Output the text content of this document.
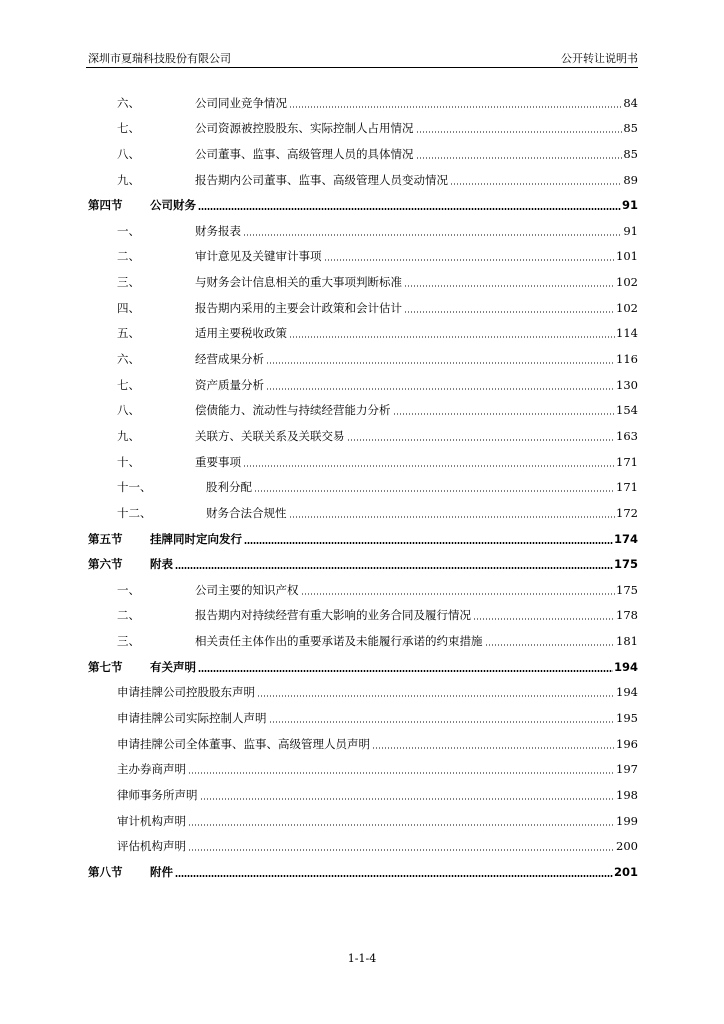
深圳市夏瑞科技股份有限公司	公开转让说明书
六、	公司同业竞争情况	84
七、	公司资源被控股股东、实际控制人占用情况	85
八、	公司董事、监事、高级管理人员的具体情况	85
九、	报告期内公司董事、监事、高级管理人员变动情况	89
第四节	公司财务	91
一、	财务报表	91
二、	审计意见及关键审计事项	101
三、	与财务会计信息相关的重大事项判断标准	102
四、	报告期内采用的主要会计政策和会计估计	102
五、	适用主要税收政策	114
六、	经营成果分析	116
七、	资产质量分析	130
八、	偿债能力、流动性与持续经营能力分析	154
九、	关联方、关联关系及关联交易	163
十、	重要事项	171
十一、	股利分配	171
十二、	财务合法合规性	172
第五节	挂牌同时定向发行	174
第六节	附表	175
一、	公司主要的知识产权	175
二、	报告期内对持续经营有重大影响的业务合同及履行情况	178
三、	相关责任主体作出的重要承诺及未能履行承诺的约束措施	181
第七节	有关声明	194
申请挂牌公司控股股东声明	194
申请挂牌公司实际控制人声明	195
申请挂牌公司全体董事、监事、高级管理人员声明	196
主办券商声明	197
律师事务所声明	198
审计机构声明	199
评估机构声明	200
第八节	附件	201
1-1-4
